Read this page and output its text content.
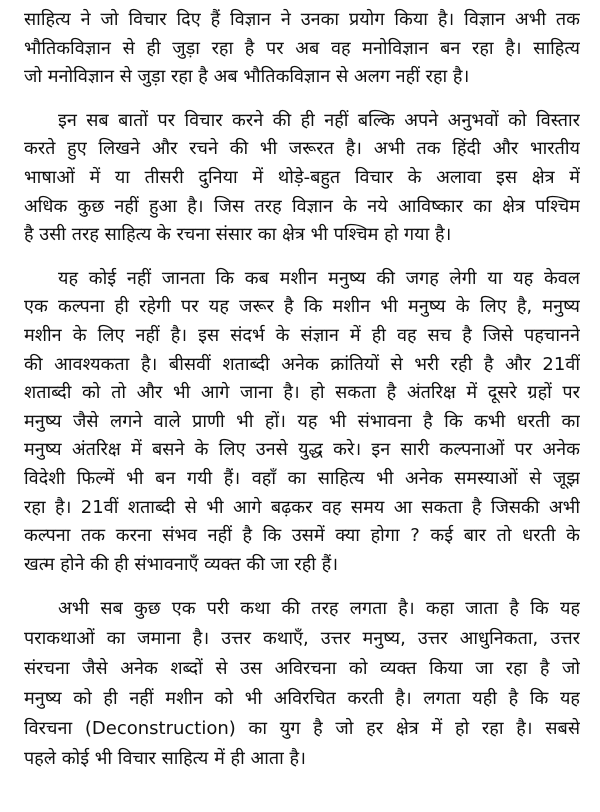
साहित्य ने जो विचार दिए हैं विज्ञान ने उनका प्रयोग किया है। विज्ञान अभी तक
भौतिकविज्ञान से ही जुड़ा रहा है पर अब वह मनोविज्ञान बन रहा है। साहित्य
जो मनोविज्ञान से जुड़ा रहा है अब भौतिकविज्ञान से अलग नहीं रहा है।
इन सब बातों पर विचार करने की ही नहीं बल्कि अपने अनुभवों को विस्तार
करते हुए लिखने और रचने की भी जरूरत है। अभी तक हिंदी और भारतीय
भाषाओं में या तीसरी दुनिया में थोड़े-बहुत विचार के अलावा इस क्षेत्र में
अधिक कुछ नहीं हुआ है। जिस तरह विज्ञान के नये आविष्कार का क्षेत्र पश्चिम
है उसी तरह साहित्य के रचना संसार का क्षेत्र भी पश्चिम हो गया है।
यह कोई नहीं जानता कि कब मशीन मनुष्य की जगह लेगी या यह केवल
एक कल्पना ही रहेगी पर यह जरूर है कि मशीन भी मनुष्य के लिए है, मनुष्य
मशीन के लिए नहीं है। इस संदर्भ के संज्ञान में ही वह सच है जिसे पहचानने
की आवश्यकता है। बीसवीं शताब्दी अनेक क्रांतियों से भरी रही है और 21वीं
शताब्दी को तो और भी आगे जाना है। हो सकता है अंतरिक्ष में दूसरे ग्रहों पर
मनुष्य जैसे लगने वाले प्राणी भी हों। यह भी संभावना है कि कभी धरती का
मनुष्य अंतरिक्ष में बसने के लिए उनसे युद्ध करे। इन सारी कल्पनाओं पर अनेक
विदेशी फिल्में भी बन गयी हैं। वहाँ का साहित्य भी अनेक समस्याओं से जूझ
रहा है। 21वीं शताब्दी से भी आगे बढ़कर वह समय आ सकता है जिसकी अभी
कल्पना तक करना संभव नहीं है कि उसमें क्या होगा ? कई बार तो धरती के
खत्म होने की ही संभावनाएँ व्यक्त की जा रही हैं।
अभी सब कुछ एक परी कथा की तरह लगता है। कहा जाता है कि यह
पराकथाओं का जमाना है। उत्तर कथाएँ, उत्तर मनुष्य, उत्तर आधुनिकता, उत्तर
संरचना जैसे अनेक शब्दों से उस अविरचना को व्यक्त किया जा रहा है जो
मनुष्य को ही नहीं मशीन को भी अविरचित करती है। लगता यही है कि यह
विरचना (Deconstruction) का युग है जो हर क्षेत्र में हो रहा है। सबसे
पहले कोई भी विचार साहित्य में ही आता है।
